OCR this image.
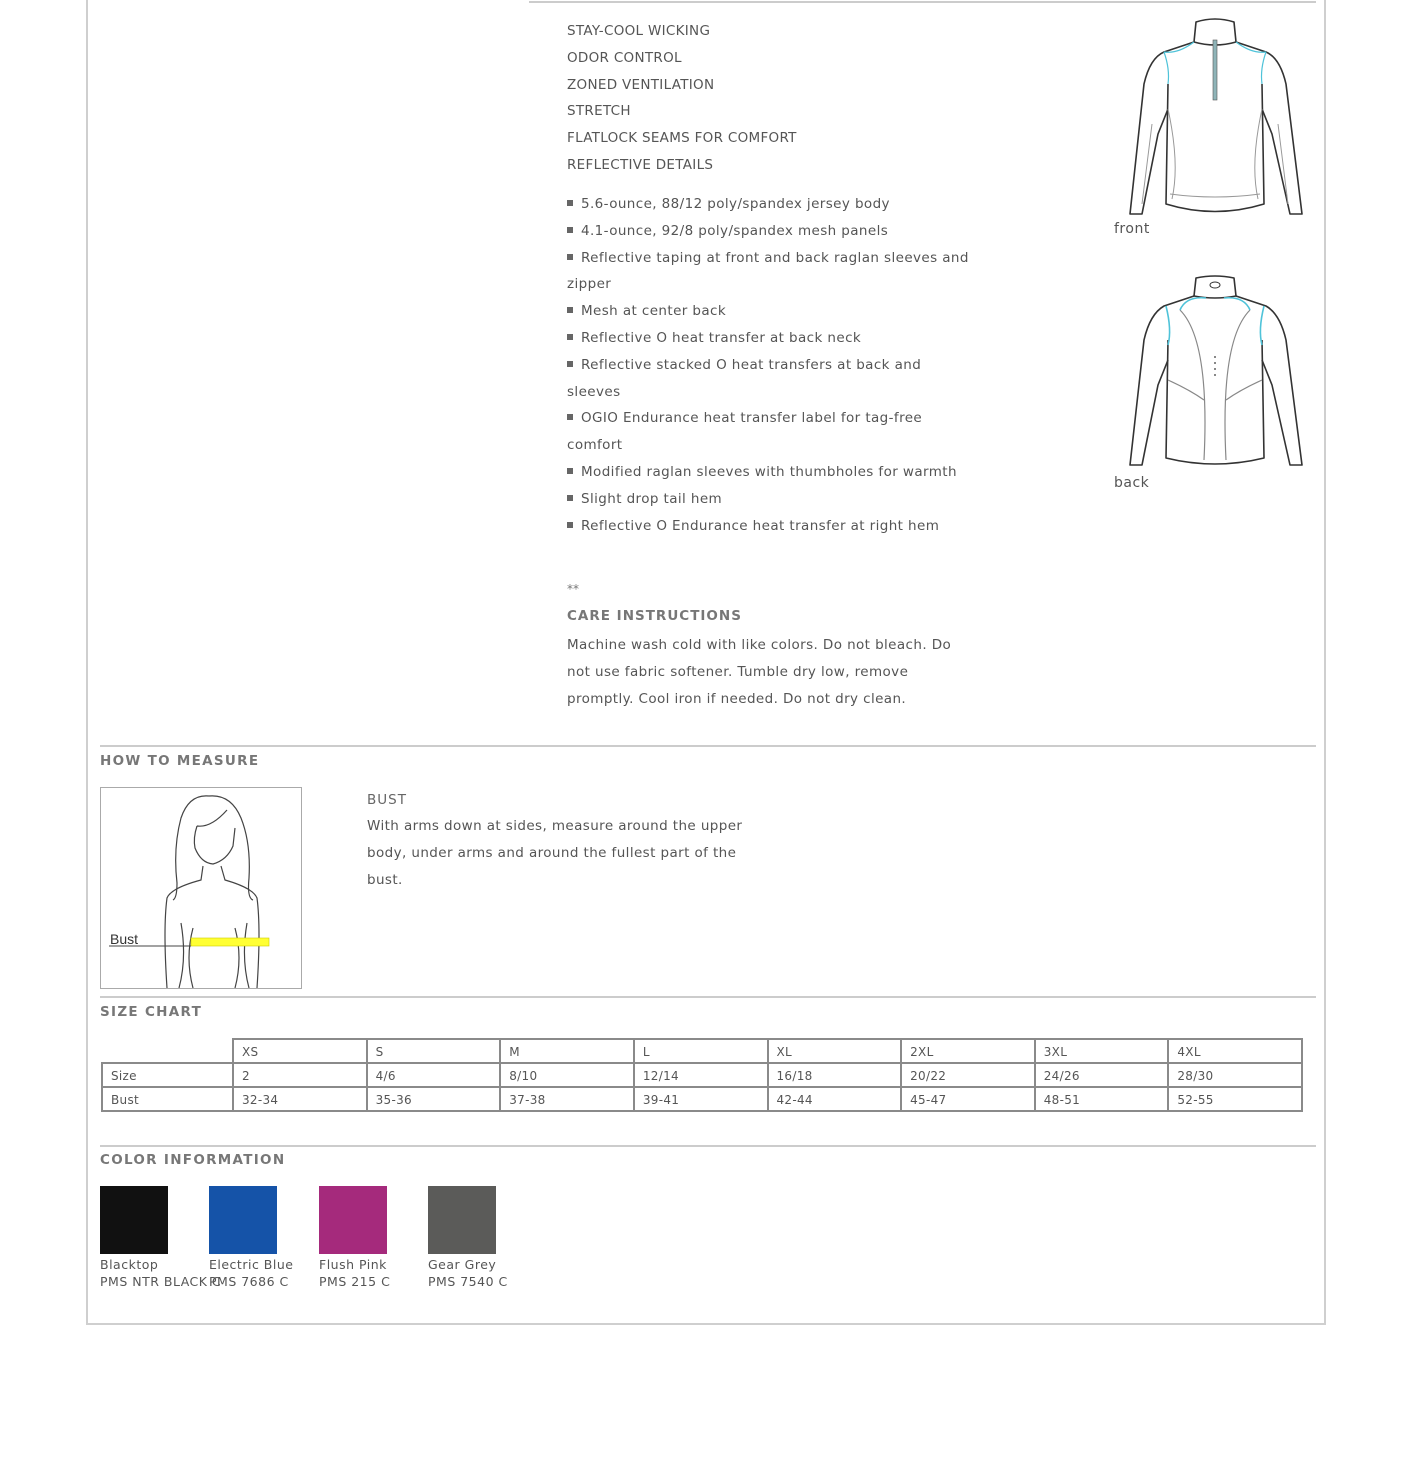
STAY-COOL WICKING
ODOR CONTROL
ZONED VENTILATION
STRETCH
FLATLOCK SEAMS FOR COMFORT
REFLECTIVE DETAILS
5.6-ounce, 88/12 poly/spandex jersey body
4.1-ounce, 92/8 poly/spandex mesh panels
Reflective taping at front and back raglan sleeves and zipper
Mesh at center back
Reflective O heat transfer at back neck
Reflective stacked O heat transfers at back and sleeves
OGIO Endurance heat transfer label for tag-free comfort
Modified raglan sleeves with thumbholes for warmth
Slight drop tail hem
Reflective O Endurance heat transfer at right hem
**
CARE INSTRUCTIONS
Machine wash cold with like colors. Do not bleach. Do not use fabric softener. Tumble dry low, remove promptly. Cool iron if needed. Do not dry clean.
front
back
HOW TO MEASURE
Bust
BUST
With arms down at sides, measure around the upper body, under arms and around the fullest part of the bust.
SIZE CHART
	XS	S	M	L	XL	2XL	3XL	4XL
Size	2	4/6	8/10	12/14	16/18	20/22	24/26	28/30
Bust	32-34	35-36	37-38	39-41	42-44	45-47	48-51	52-55
COLOR INFORMATION
Blacktop
PMS NTR BLACK C
Electric Blue
PMS 7686 C
Flush Pink
PMS 215 C
Gear Grey
PMS 7540 C
